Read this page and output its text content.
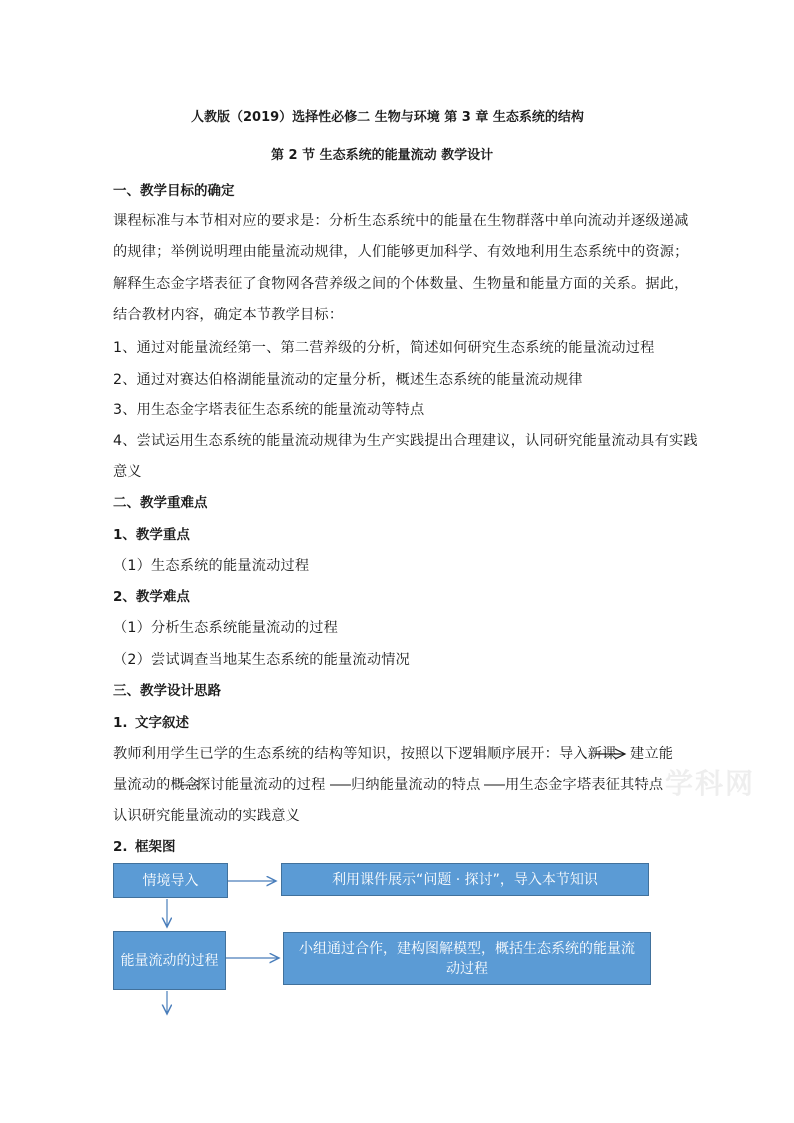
人教版（2019）选择性必修二 生物与环境 第 3 章 生态系统的结构
第 2 节 生态系统的能量流动 教学设计
一、教学目标的确定
课程标准与本节相对应的要求是：分析生态系统中的能量在生物群落中单向流动并逐级递减
的规律；举例说明理由能量流动规律，人们能够更加科学、有效地利用生态系统中的资源；
解释生态金字塔表征了食物网各营养级之间的个体数量、生物量和能量方面的关系。据此，
结合教材内容，确定本节教学目标：
1、通过对能量流经第一、第二营养级的分析，简述如何研究生态系统的能量流动过程
2、通过对赛达伯格湖能量流动的定量分析，概述生态系统的能量流动规律
3、用生态金字塔表征生态系统的能量流动等特点
4、尝试运用生态系统的能量流动规律为生产实践提出合理建议，认同研究能量流动具有实践
意义
二、教学重难点
1、教学重点
（1）生态系统的能量流动过程
2、教学难点
（1）分析生态系统能量流动的过程
（2）尝试调查当地某生态系统的能量流动情况
三、教学设计思路
1. 文字叙述
教师利用学生已学的生态系统的结构等知识，按照以下逻辑顺序展开：导入新课 建立能
量流动的概念
探讨能量流动的过程 归纳能量流动的特点 用生态金字塔表征其特点
认识研究能量流动的实践意义
2. 框架图
学科网
情境导入	利用课件展示“问题 · 探讨”，导入本节知识
能量流动的过程
小组通过合作，建构图解模型，概括生态系统的能量流动过程
